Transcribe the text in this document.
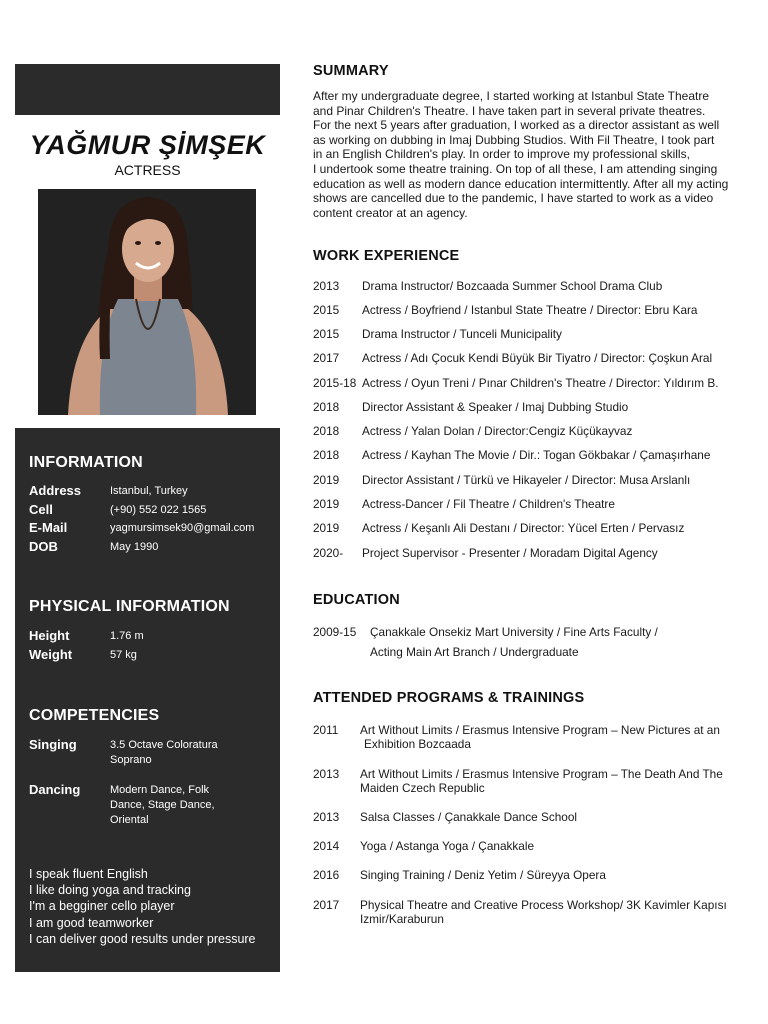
YAĞMUR ŞİMŞEK
ACTRESS
INFORMATION
Address	Istanbul, Turkey
Cell	(+90) 552 022 1565
E-Mail	yagmursimsek90@gmail.com
DOB	May 1990
PHYSICAL INFORMATION
Height	1.76 m
Weight	57 kg
COMPETENCIES
Singing	3.5 Octave Coloratura
Soprano
Dancing	Modern Dance, Folk
Dance, Stage Dance,
Oriental
I speak fluent English
I like doing yoga and tracking
I'm a begginer cello player
I am good teamworker
I can deliver good results under pressure
SUMMARY
After my undergraduate degree, I started working at Istanbul State Theatre
and Pinar Children's Theatre. I have taken part in several private theatres.
For the next 5 years after graduation, I worked as a director assistant as well
as working on dubbing in Imaj Dubbing Studios. With Fil Theatre, I took part
in an English Children's play. In order to improve my professional skills,
I undertook some theatre training. On top of all these, I am attending singing
education as well as modern dance education intermittently. After all my acting
shows are cancelled due to the pandemic, I have started to work as a video
content creator at an agency.
WORK EXPERIENCE
2013	Drama Instructor/ Bozcaada Summer School Drama Club
2015	Actress / Boyfriend / Istanbul State Theatre / Director: Ebru Kara
2015	Drama Instructor / Tunceli Municipality
2017	Actress / Adı Çocuk Kendi Büyük Bir Tiyatro / Director: Çoşkun Aral
2015-18 Actress / Oyun Treni / Pınar Children's Theatre / Director: Yıldırım B.
2018	Director Assistant & Speaker / Imaj Dubbing Studio
2018	Actress / Yalan Dolan / Director:Cengiz Küçükayvaz
2018	Actress / Kayhan The Movie / Dir.: Togan Gökbakar / Çamaşırhane
2019	Director Assistant / Türkü ve Hikayeler / Director: Musa Arslanlı
2019	Actress-Dancer / Fil Theatre / Children's Theatre
2019	Actress / Keşanlı Ali Destanı / Director: Yücel Erten / Pervasız
2020-	Project Supervisor - Presenter / Moradam Digital Agency
EDUCATION
2009-15	Çanakkale Onsekiz Mart University / Fine Arts Faculty /
Acting Main Art Branch / Undergraduate
ATTENDED PROGRAMS & TRAININGS
2011	Art Without Limits / Erasmus Intensive Program – New Pictures at an
Exhibition Bozcaada
2013	Art Without Limits / Erasmus Intensive Program – The Death And The
Maiden Czech Republic
2013	Salsa Classes / Çanakkale Dance School
2014	Yoga / Astanga Yoga / Çanakkale
2016	Singing Training / Deniz Yetim / Süreyya Opera
2017	Physical Theatre and Creative Process Workshop/ 3K Kavimler Kapısı
Izmir/Karaburun
